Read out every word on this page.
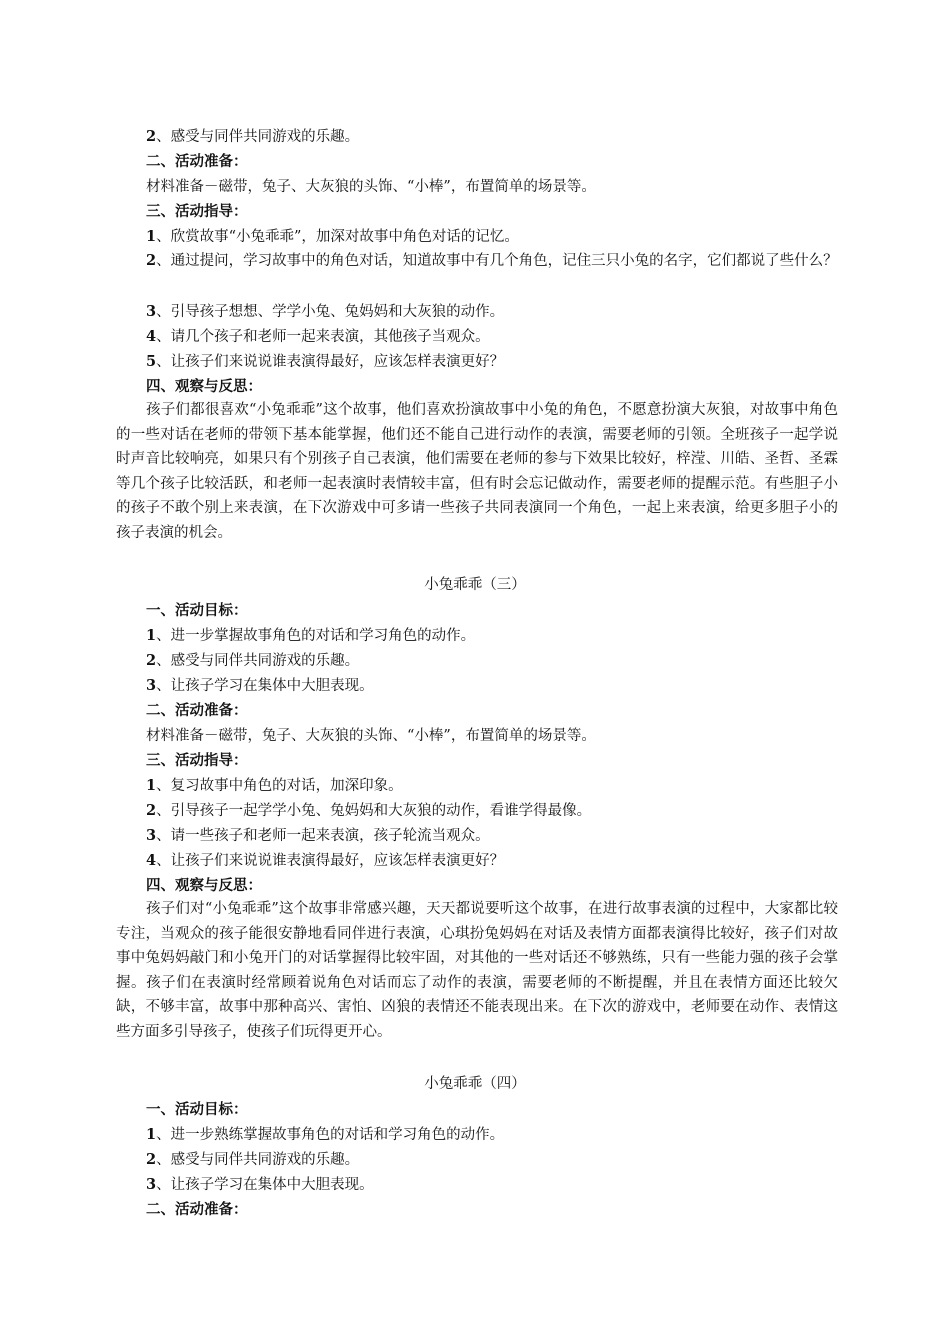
2、感受与同伴共同游戏的乐趣。

二、活动准备：

材料准备－磁带，兔子、大灰狼的头饰、“小棒”，布置简单的场景等。

三、活动指导：

1、欣赏故事“小兔乖乖”，加深对故事中角色对话的记忆。

2、通过提问，学习故事中的角色对话，知道故事中有几个角色，记住三只小兔的名字，它们都说了些什么？

3、引导孩子想想、学学小兔、兔妈妈和大灰狼的动作。

4、请几个孩子和老师一起来表演，其他孩子当观众。

5、让孩子们来说说谁表演得最好，应该怎样表演更好？

四、观察与反思：

孩子们都很喜欢“小兔乖乖”这个故事，他们喜欢扮演故事中小兔的角色，不愿意扮演大灰狼，对故事中角色的一些对话在老师的带领下基本能掌握，他们还不能自己进行动作的表演，需要老师的引领。全班孩子一起学说时声音比较响亮，如果只有个别孩子自己表演，他们需要在老师的参与下效果比较好，梓滢、川皓、圣哲、圣霖等几个孩子比较活跃，和老师一起表演时表情较丰富，但有时会忘记做动作，需要老师的提醒示范。有些胆子小的孩子不敢个别上来表演，在下次游戏中可多请一些孩子共同表演同一个角色，一起上来表演，给更多胆子小的孩子表演的机会。

小兔乖乖（三）

一、活动目标：

1、进一步掌握故事角色的对话和学习角色的动作。

2、感受与同伴共同游戏的乐趣。

3、让孩子学习在集体中大胆表现。

二、活动准备：

材料准备－磁带，兔子、大灰狼的头饰、“小棒”，布置简单的场景等。

三、活动指导：

1、复习故事中角色的对话，加深印象。

2、引导孩子一起学学小兔、兔妈妈和大灰狼的动作，看谁学得最像。

3、请一些孩子和老师一起来表演，孩子轮流当观众。

4、让孩子们来说说谁表演得最好，应该怎样表演更好？

四、观察与反思：

孩子们对“小兔乖乖”这个故事非常感兴趣，天天都说要听这个故事，在进行故事表演的过程中，大家都比较专注，当观众的孩子能很安静地看同伴进行表演，心琪扮兔妈妈在对话及表情方面都表演得比较好，孩子们对故事中兔妈妈敲门和小兔开门的对话掌握得比较牢固，对其他的一些对话还不够熟练，只有一些能力强的孩子会掌握。孩子们在表演时经常顾着说角色对话而忘了动作的表演，需要老师的不断提醒，并且在表情方面还比较欠缺，不够丰富，故事中那种高兴、害怕、凶狼的表情还不能表现出来。在下次的游戏中，老师要在动作、表情这些方面多引导孩子，使孩子们玩得更开心。

小兔乖乖（四）

一、活动目标：

1、进一步熟练掌握故事角色的对话和学习角色的动作。

2、感受与同伴共同游戏的乐趣。

3、让孩子学习在集体中大胆表现。

二、活动准备：
